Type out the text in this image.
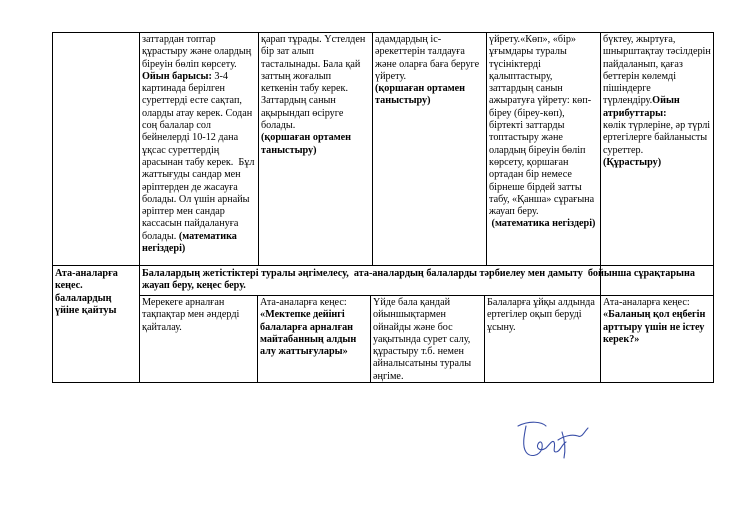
заттардан топтар құрастыру және олардың біреуін бөліп көрсету.
Ойын барысы: 3-4 картинада берілген суреттерді есте сақтап, оларды атау керек. Содан соң балалар сол бейнелерді 10-12 дана ұқсас суреттердің арасынан табу керек.  Бұл жаттығуды сандар мен әріптерден де жасауға болады. Ол үшін арнайы әріптер мен сандар кассасын пайдалануға болады. (математика негіздері)
қарап тұрады. Үстелден бір зат алып тасталынады. Бала қай заттың жоғалып кеткенін табу керек. Заттардың санын ақырындап өсіруге болады.
(қоршаған ортамен таныстыру)
адамдардың іс-әрекеттерін талдауға және оларға баға беруге үйрету.
(қоршаған ортамен таныстыру)
үйрету.«Көп», «бір» ұғымдары туралы түсініктерді қалыптастыру, заттардың санын ажыратуға үйрету: көп-біреу (біреу-көп), біртекті заттарды топтастыру және олардың біреуін бөліп көрсету, қоршаған ортадан бір немесе бірнеше бірдей затты табу, «Қанша» сұрағына жауап беру.
(математика негіздері)
бүктеу, жыртуға, шнырштақтау тәсілдерін пайдаланып, қағаз беттерін көлемді пішіндерге түрлендіру.Ойын атрибуттары:
көлік түрлеріне, әр түрлі ертегілерге байланысты суреттер.
(Құрастыру)
Ата-аналарға кеңес. балалардың үйіне қайтуы
Балалардың жетістіктері туралы әңгімелесу,  ата-аналардың балаларды тәрбиелеу мен дамыту  бойынша сұрақтарына жауап беру, кеңес беру.
Мерекеге арналған тақпақтар мен әндерді қайталау.
Ата-аналарға кеңес:
«Мектепке дейінгі балаларға арналған майтабанның алдын алу жаттығулары»
Үйде бала қандай ойыншықтармен ойнайды және бос уақытында сурет салу, құрастыру т.б. немен айналысатыны туралы әңгіме.
Балаларға ұйқы алдында ертегілер оқып беруді ұсыну.
Ата-аналарға кеңес:
«Баланың қол еңбегін арттыру үшін не істеу керек?»
